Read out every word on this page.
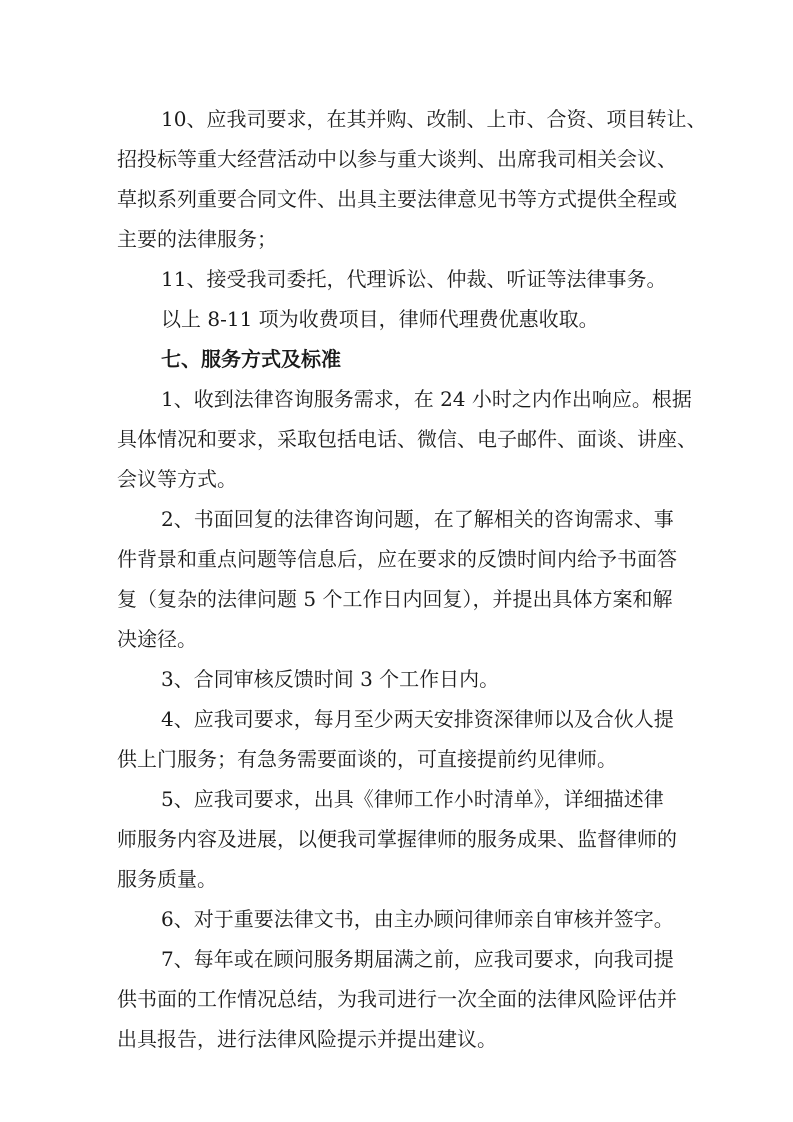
10、应我司要求，在其并购、改制、上市、合资、项目转让、
招投标等重大经营活动中以参与重大谈判、出席我司相关会议、
草拟系列重要合同文件、出具主要法律意见书等方式提供全程或
主要的法律服务；
11、接受我司委托，代理诉讼、仲裁、听证等法律事务。
以上 8-11 项为收费项目，律师代理费优惠收取。
七、服务方式及标准
1、收到法律咨询服务需求，在 24 小时之内作出响应。根据
具体情况和要求，采取包括电话、微信、电子邮件、面谈、讲座、
会议等方式。
2、书面回复的法律咨询问题，在了解相关的咨询需求、事
件背景和重点问题等信息后，应在要求的反馈时间内给予书面答
复（复杂的法律问题 5 个工作日内回复），并提出具体方案和解
决途径。
3、合同审核反馈时间 3 个工作日内。
4、应我司要求，每月至少两天安排资深律师以及合伙人提
供上门服务；有急务需要面谈的，可直接提前约见律师。
5、应我司要求，出具《律师工作小时清单》，详细描述律
师服务内容及进展，以便我司掌握律师的服务成果、监督律师的
服务质量。
6、对于重要法律文书，由主办顾问律师亲自审核并签字。
7、每年或在顾问服务期届满之前，应我司要求，向我司提
供书面的工作情况总结，为我司进行一次全面的法律风险评估并
出具报告，进行法律风险提示并提出建议。
